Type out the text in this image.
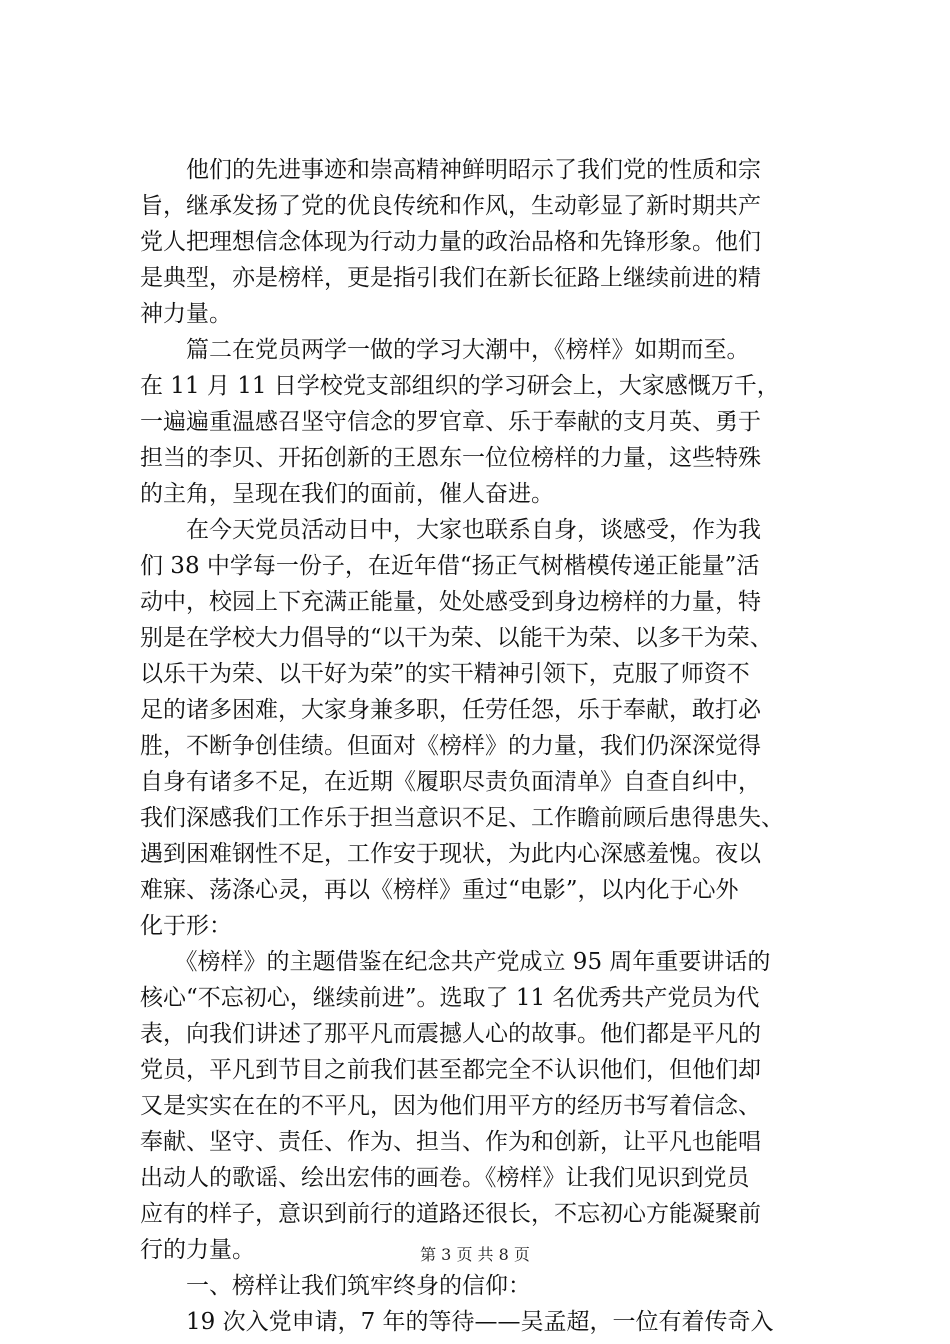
　　他们的先进事迹和崇高精神鲜明昭示了我们党的性质和宗
旨，继承发扬了党的优良传统和作风，生动彰显了新时期共产
党人把理想信念体现为行动力量的政治品格和先锋形象。他们
是典型，亦是榜样，更是指引我们在新长征路上继续前进的精
神力量。
　　篇二在党员两学一做的学习大潮中，《榜样》如期而至。
在 11 月 11 日学校党支部组织的学习研会上，大家感慨万千，
一遍遍重温感召坚守信念的罗官章、乐于奉献的支月英、勇于
担当的李贝、开拓创新的王恩东一位位榜样的力量，这些特殊
的主角，呈现在我们的面前，催人奋进。
　　在今天党员活动日中，大家也联系自身，谈感受，作为我
们 38 中学每一份子，在近年借“扬正气树楷模传递正能量”活
动中，校园上下充满正能量，处处感受到身边榜样的力量，特
别是在学校大力倡导的“以干为荣、以能干为荣、以多干为荣、
以乐干为荣、以干好为荣”的实干精神引领下，克服了师资不
足的诸多困难，大家身兼多职，任劳任怨，乐于奉献，敢打必
胜，不断争创佳绩。但面对《榜样》的力量，我们仍深深觉得
自身有诸多不足，在近期《履职尽责负面清单》自查自纠中，
我们深感我们工作乐于担当意识不足、工作瞻前顾后患得患失、
遇到困难钢性不足，工作安于现状，为此内心深感羞愧。夜以
难寐、荡涤心灵，再以《榜样》重过“电影”，以内化于心外
化于形：
　　《榜样》的主题借鉴在纪念共产党成立 95 周年重要讲话的
核心“不忘初心，继续前进”。选取了 11 名优秀共产党员为代
表，向我们讲述了那平凡而震撼人心的故事。他们都是平凡的
党员，平凡到节目之前我们甚至都完全不认识他们，但他们却
又是实实在在的不平凡，因为他们用平方的经历书写着信念、
奉献、坚守、责任、作为、担当、作为和创新，让平凡也能唱
出动人的歌谣、绘出宏伟的画卷。《榜样》让我们见识到党员
应有的样子，意识到前行的道路还很长，不忘初心方能凝聚前
行的力量。
　　一、榜样让我们筑牢终身的信仰：
　　19 次入党申请，7 年的等待——吴孟超，一位有着传奇入
第 3 页 共 8 页
